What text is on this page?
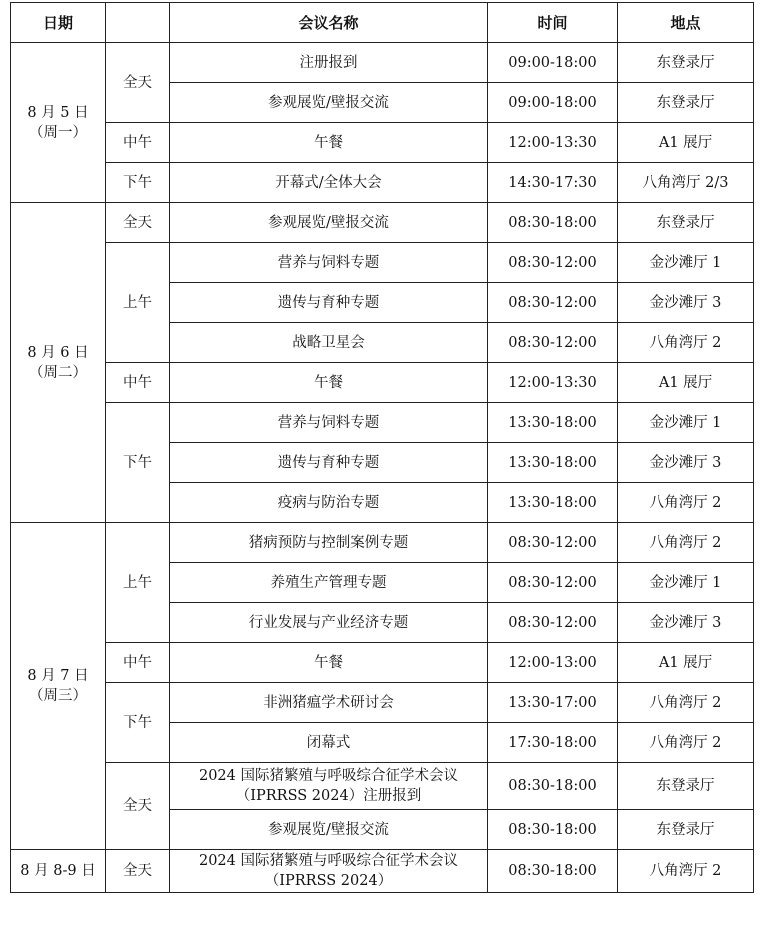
日期		会议名称	时间	地点

8 月 5 日
（周一）	全天	注册报到	09:00-18:00	东登录厅

		参观展览/壁报交流	09:00-18:00	东登录厅
	中午	午餐	12:00-13:30	A1 展厅
	下午	开幕式/全体大会	14:30-17:30	八角湾厅 2/3

8 月 6 日
（周二）	全天	参观展览/壁报交流	08:30-18:00	东登录厅
	上午	营养与饲料专题	08:30-12:00	金沙滩厅 1

		遗传与育种专题	08:30-12:00	金沙滩厅 3

		战略卫星会	08:30-12:00	八角湾厅 2
	中午	午餐	12:00-13:30	A1 展厅
	下午	营养与饲料专题	13:30-18:00	金沙滩厅 1

		遗传与育种专题	13:30-18:00	金沙滩厅 3

		疫病与防治专题	13:30-18:00	八角湾厅 2

8 月 7 日
（周三）	上午	猪病预防与控制案例专题	08:30-12:00	八角湾厅 2

		养殖生产管理专题	08:30-12:00	金沙滩厅 1

		行业发展与产业经济专题	08:30-12:00	金沙滩厅 3
	中午	午餐	12:00-13:00	A1 展厅
	下午	非洲猪瘟学术研讨会	13:30-17:00	八角湾厅 2

		闭幕式	17:30-18:00	八角湾厅 2
	全天	2024 国际猪繁殖与呼吸综合征学术会议
（IPRRSS 2024）注册报到	08:30-18:00	东登录厅

		参观展览/壁报交流	08:30-18:00	东登录厅

8 月 8-9 日	全天	2024 国际猪繁殖与呼吸综合征学术会议
（IPRRSS 2024）	08:30-18:00	八角湾厅 2
